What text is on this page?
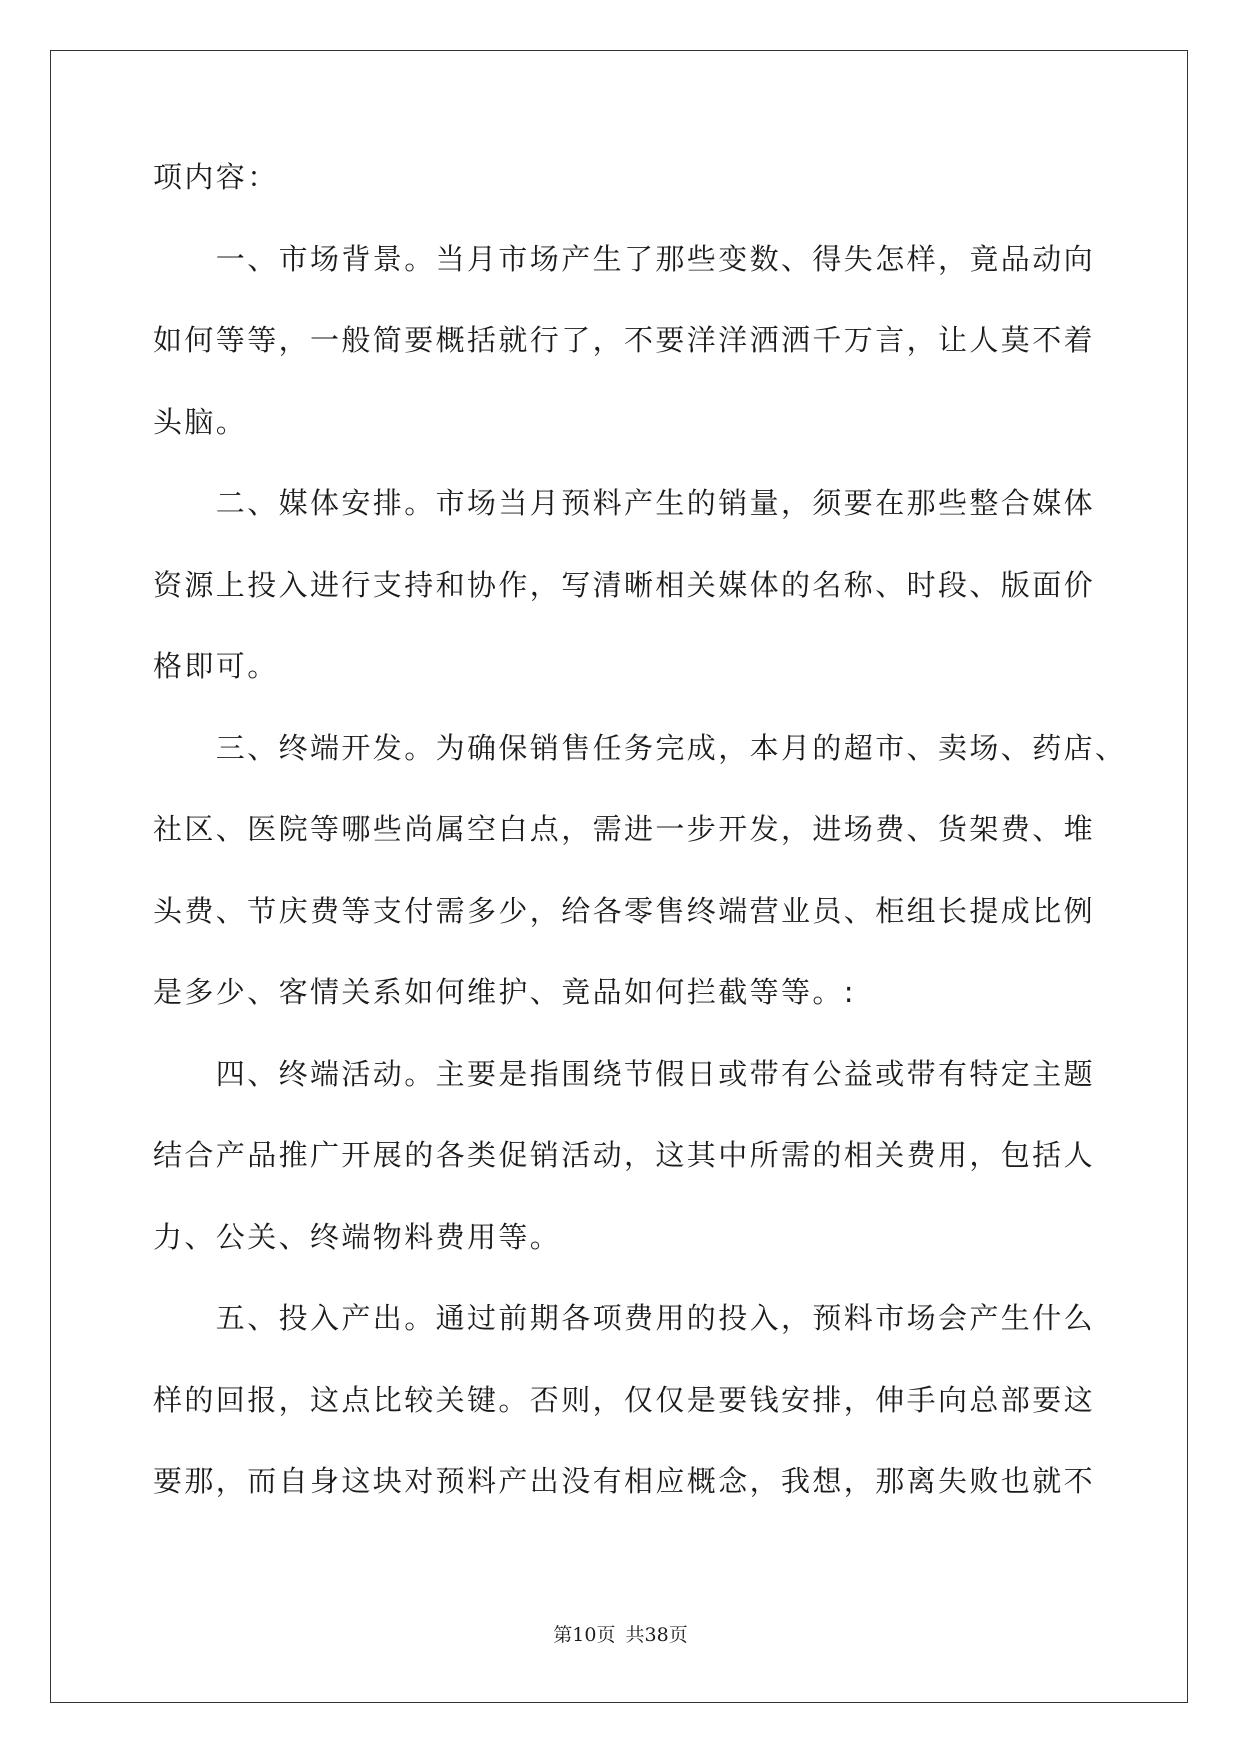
项内容：
　　一、市场背景。当月市场产生了那些变数、得失怎样，竟品动向
如何等等，一般简要概括就行了，不要洋洋洒洒千万言，让人莫不着
头脑。
　　二、媒体安排。市场当月预料产生的销量，须要在那些整合媒体
资源上投入进行支持和协作，写清晰相关媒体的名称、时段、版面价
格即可。
　　三、终端开发。为确保销售任务完成，本月的超市、卖场、药店、
社区、医院等哪些尚属空白点，需进一步开发，进场费、货架费、堆
头费、节庆费等支付需多少，给各零售终端营业员、柜组长提成比例
是多少、客情关系如何维护、竟品如何拦截等等。:
　　四、终端活动。主要是指围绕节假日或带有公益或带有特定主题
结合产品推广开展的各类促销活动，这其中所需的相关费用，包括人
力、公关、终端物料费用等。
　　五、投入产出。通过前期各项费用的投入，预料市场会产生什么
样的回报，这点比较关键。否则，仅仅是要钱安排，伸手向总部要这
要那，而自身这块对预料产出没有相应概念，我想，那离失败也就不
第10页 共38页
